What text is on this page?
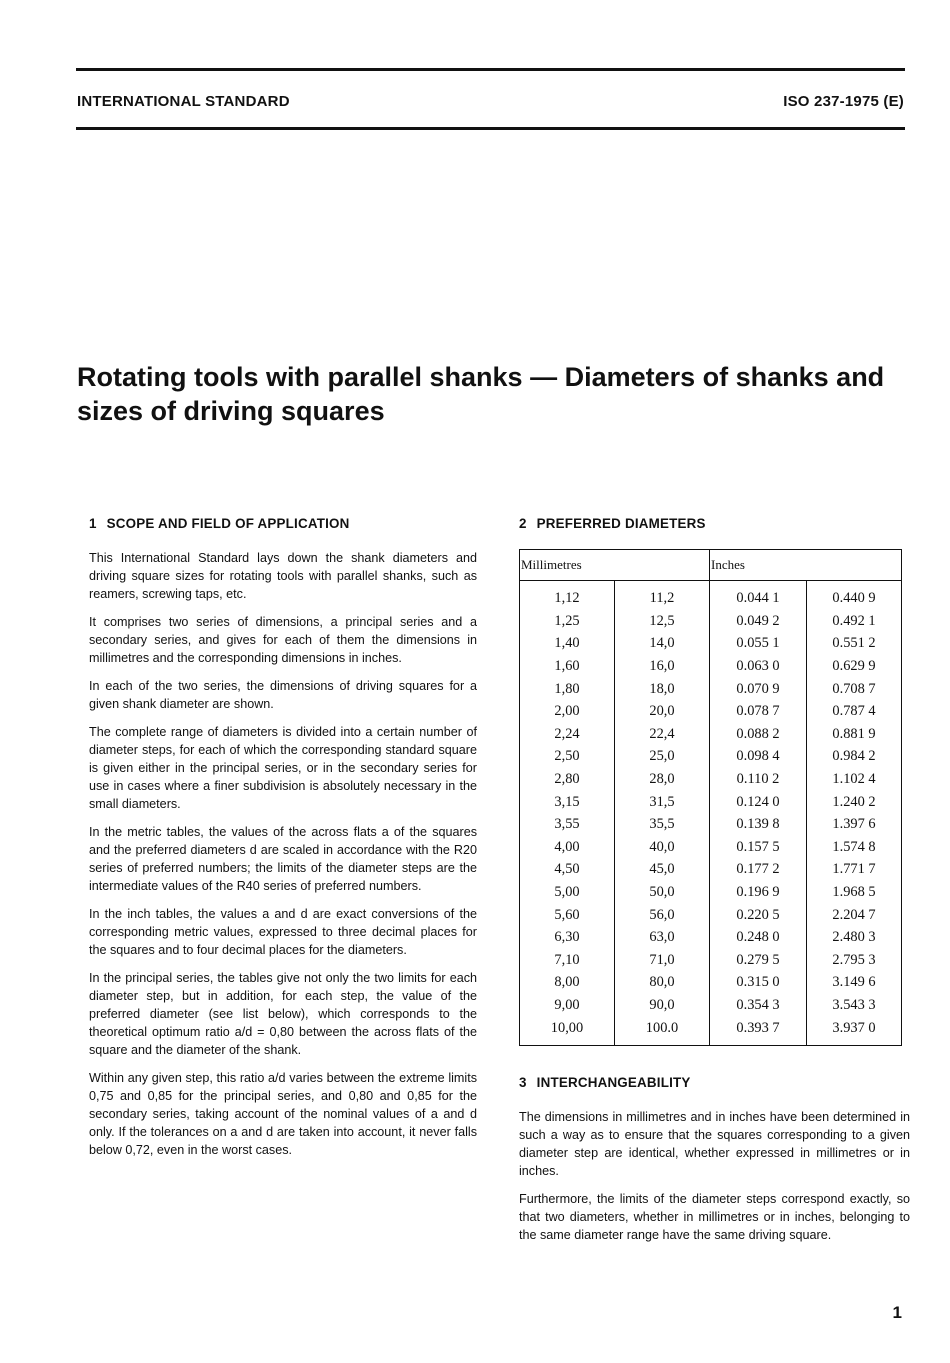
INTERNATIONAL STANDARD	ISO 237-1975 (E)
Rotating tools with parallel shanks — Diameters of shanks and sizes of driving squares
1 SCOPE AND FIELD OF APPLICATION

This International Standard lays down the shank diameters and driving square sizes for rotating tools with parallel shanks, such as reamers, screwing taps, etc.

It comprises two series of dimensions, a principal series and a secondary series, and gives for each of them the dimensions in millimetres and the corresponding dimensions in inches.

In each of the two series, the dimensions of driving squares for a given shank diameter are shown.

The complete range of diameters is divided into a certain number of diameter steps, for each of which the corresponding standard square is given either in the principal series, or in the secondary series for use in cases where a finer subdivision is absolutely necessary in the small diameters.

In the metric tables, the values of the across flats a of the squares and the preferred diameters d are scaled in accordance with the R20 series of preferred numbers; the limits of the diameter steps are the intermediate values of the R40 series of preferred numbers.

In the inch tables, the values a and d are exact conversions of the corresponding metric values, expressed to three decimal places for the squares and to four decimal places for the diameters.

In the principal series, the tables give not only the two limits for each diameter step, but in addition, for each step, the value of the preferred diameter (see list below), which corresponds to the theoretical optimum ratio a/d = 0,80 between the across flats of the square and the diameter of the shank.

Within any given step, this ratio a/d varies between the extreme limits 0,75 and 0,85 for the principal series, and 0,80 and 0,85 for the secondary series, taking account of the nominal values of a and d only. If the tolerances on a and d are taken into account, it never falls below 0,72, even in the worst cases.

2 PREFERRED DIAMETERS
Millimetres		Inches	
1,12	11,2	0.044 1	0.440 9
1,25	12,5	0.049 2	0.492 1
1,40	14,0	0.055 1	0.551 2
1,60	16,0	0.063 0	0.629 9
1,80	18,0	0.070 9	0.708 7
2,00	20,0	0.078 7	0.787 4
2,24	22,4	0.088 2	0.881 9
2,50	25,0	0.098 4	0.984 2
2,80	28,0	0.110 2	1.102 4
3,15	31,5	0.124 0	1.240 2
3,55	35,5	0.139 8	1.397 6
4,00	40,0	0.157 5	1.574 8
4,50	45,0	0.177 2	1.771 7
5,00	50,0	0.196 9	1.968 5
5,60	56,0	0.220 5	2.204 7
6,30	63,0	0.248 0	2.480 3
7,10	71,0	0.279 5	2.795 3
8,00	80,0	0.315 0	3.149 6
9,00	90,0	0.354 3	3.543 3
10,00	100.0	0.393 7	3.937 0
3 INTERCHANGEABILITY

The dimensions in millimetres and in inches have been determined in such a way as to ensure that the squares corresponding to a given diameter step are identical, whether expressed in millimetres or in inches.

Furthermore, the limits of the diameter steps correspond exactly, so that two diameters, whether in millimetres or in inches, belonging to the same diameter range have the same driving square.

1
